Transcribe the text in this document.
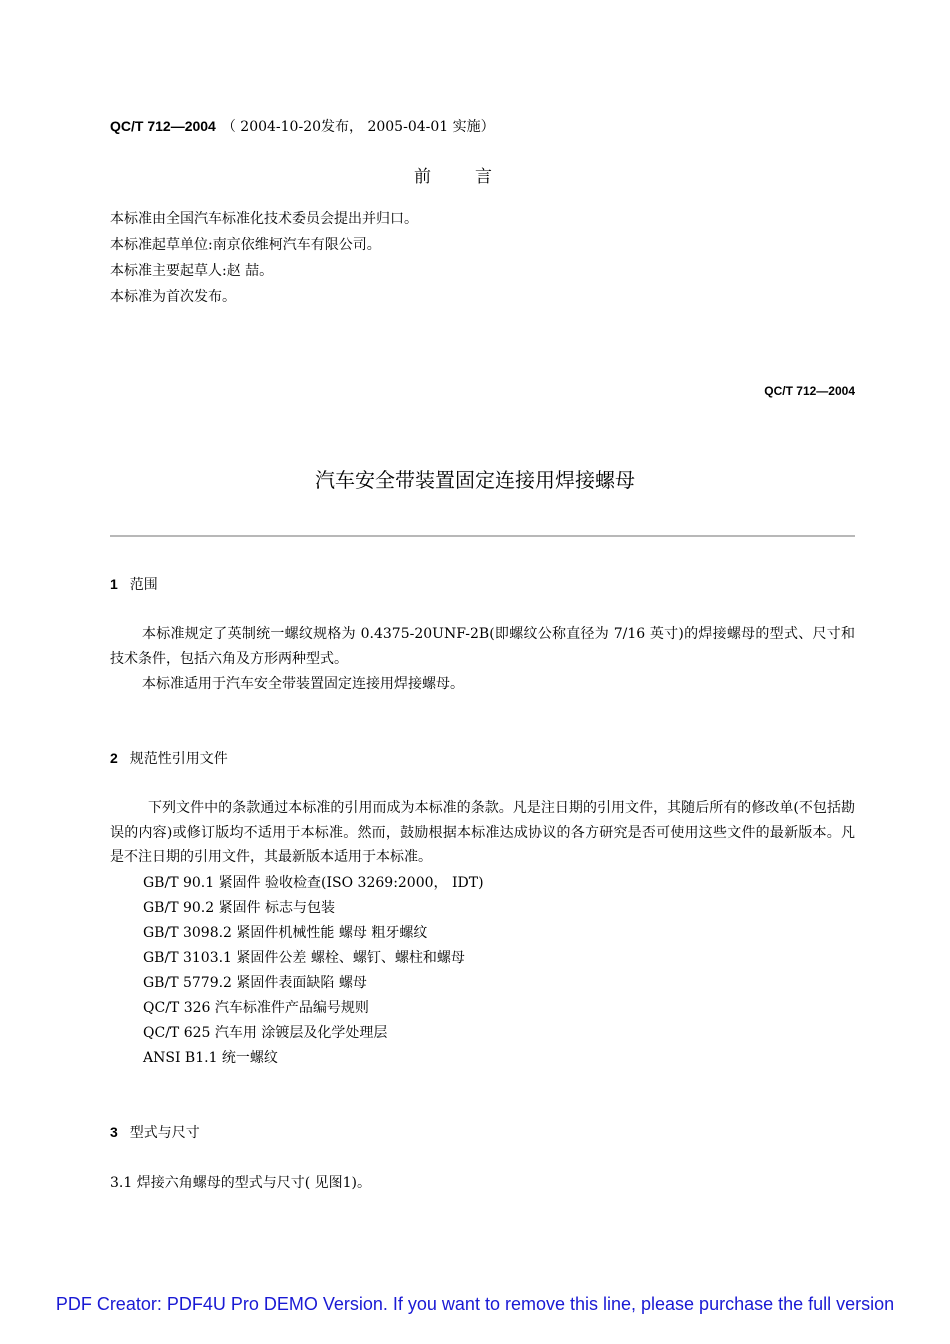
QC/T 712—2004 （ 2004-10-20发布， 2005-04-01 实施）
前言
本标准由全国汽车标准化技术委员会提出并归口。
本标准起草单位:南京依维柯汽车有限公司。
本标准主要起草人:赵 喆。
本标准为首次发布。
QC/T 712—2004
汽车安全带装置固定连接用焊接螺母
1 范围
本标准规定了英制统一螺纹规格为 0.4375-20UNF-2B(即螺纹公称直径为 7/16 英寸)的焊接螺母的型式、尺寸和技术条件，包括六角及方形两种型式。
本标准适用于汽车安全带装置固定连接用焊接螺母。
2 规范性引用文件
下列文件中的条款通过本标准的引用而成为本标准的条款。凡是注日期的引用文件，其随后所有的修改单(不包括勘误的内容)或修订版均不适用于本标准。然而，鼓励根据本标准达成协议的各方研究是否可使用这些文件的最新版本。凡是不注日期的引用文件，其最新版本适用于本标准。
GB/T 90.1 紧固件 验收检查(ISO 3269:2000， IDT)
GB/T 90.2 紧固件 标志与包装
GB/T 3098.2 紧固件机械性能 螺母 粗牙螺纹
GB/T 3103.1 紧固件公差 螺栓、螺钉、螺柱和螺母
GB/T 5779.2 紧固件表面缺陷 螺母
QC/T 326 汽车标准件产品编号规则
QC/T 625 汽车用 涂镀层及化学处理层
ANSI B1.1 统一螺纹
3 型式与尺寸
3.1 焊接六角螺母的型式与尺寸( 见图1)。
PDF Creator: PDF4U Pro DEMO Version. If you want to remove this line, please purchase the full version
